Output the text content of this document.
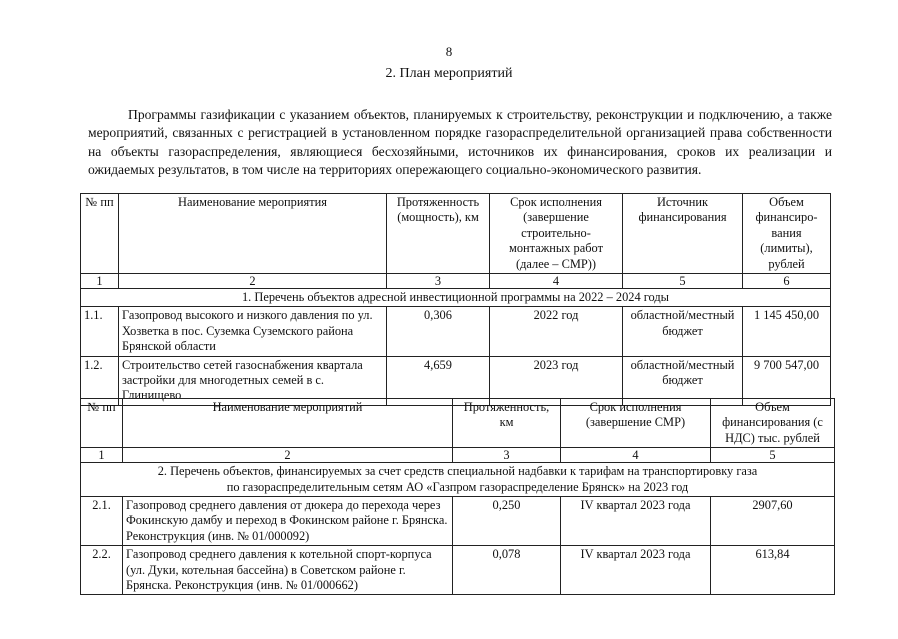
8
2. План мероприятий

Программы газификации с указанием объектов, планируемых к строительству, реконструкции и подключению, а также мероприятий, связанных с регистрацией в установленном порядке газораспределительной организацией права собственности на объекты газораспределения, являющиеся бесхозяйными, источников их финансирования, сроков их реализации и ожидаемых результатов, в том числе на территориях опережающего социально-экономического развития.

№ пп	Наименование мероприятия	Протяженность (мощность), км	Срок исполнения (завершение строительно-монтажных работ (далее – СМР))	Источник финансирования	Объем финансиро-вания (лимиты), рублей
1	2	3	4	5	6
1. Перечень объектов адресной инвестиционной программы на 2022 – 2024 годы					
1.1.	Газопровод высокого и низкого давления по ул. Хозветка в пос. Суземка Суземского района Брянской области	0,306	2022 год	областной/местный бюджет	1 145 450,00
1.2.	Строительство сетей газоснабжения квартала застройки для многодетных семей в с. Глинищево	4,659	2023 год	областной/местный бюджет	9 700 547,00
№ пп	Наименование мероприятий	Протяженность, км	Срок исполнения (завершение СМР)	Объем финансирования (с НДС) тыс. рублей
1	2	3	4	5

2. Перечень объектов, финансируемых за счет средств специальной надбавки к тарифам на транспортировку газа
по газораспределительным сетям АО «Газпром газораспределение Брянск» на 2023 год				

2.1.	Газопровод среднего давления от дюкера до перехода через Фокинскую дамбу и переход в Фокинском районе г. Брянска. Реконструкция (инв. № 01/000092)	0,250	IV квартал 2023 года	2907,60
2.2.	Газопровод среднего давления к котельной спорт-корпуса (ул. Дуки, котельная бассейна) в Советском районе г. Брянска. Реконструкция (инв. № 01/000662)	0,078	IV квартал 2023 года	613,84
